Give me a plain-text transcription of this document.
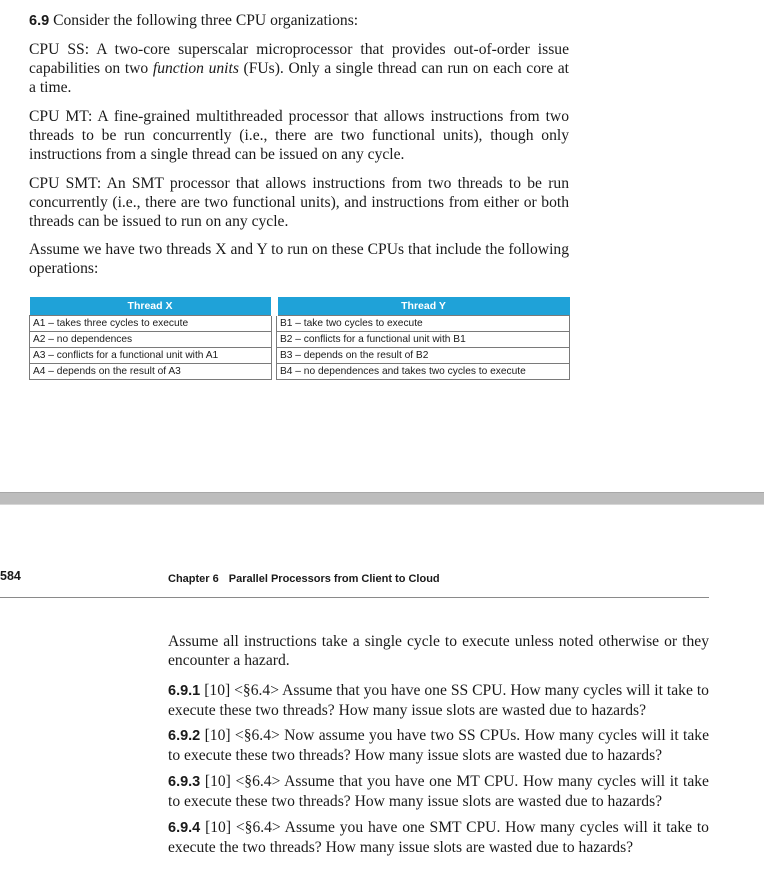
6.9 Consider the following three CPU organizations:
CPU SS: A two-core superscalar microprocessor that provides out-of-order issue capabilities on two function units (FUs). Only a single thread can run on each core at a time.
CPU MT: A fine-grained multithreaded processor that allows instructions from two threads to be run concurrently (i.e., there are two functional units), though only instructions from a single thread can be issued on any cycle.
CPU SMT: An SMT processor that allows instructions from two threads to be run concurrently (i.e., there are two functional units), and instructions from either or both threads can be issued to run on any cycle.
Assume we have two threads X and Y to run on these CPUs that include the following operations:
Thread X		Thread Y
A1 – takes three cycles to execute		B1 – take two cycles to execute
A2 – no dependences		B2 – conflicts for a functional unit with B1
A3 – conflicts for a functional unit with A1		B3 – depends on the result of B2
A4 – depends on the result of A3		B4 – no dependences and takes two cycles to execute
584	Chapter 6 Parallel Processors from Client to Cloud
Assume all instructions take a single cycle to execute unless noted otherwise or they encounter a hazard.
6.9.1 [10] <§6.4> Assume that you have one SS CPU. How many cycles will it take to execute these two threads? How many issue slots are wasted due to hazards?
6.9.2 [10] <§6.4> Now assume you have two SS CPUs. How many cycles will it take to execute these two threads? How many issue slots are wasted due to hazards?
6.9.3 [10] <§6.4> Assume that you have one MT CPU. How many cycles will it take to execute these two threads? How many issue slots are wasted due to hazards?
6.9.4 [10] <§6.4> Assume you have one SMT CPU. How many cycles will it take to execute the two threads? How many issue slots are wasted due to hazards?
